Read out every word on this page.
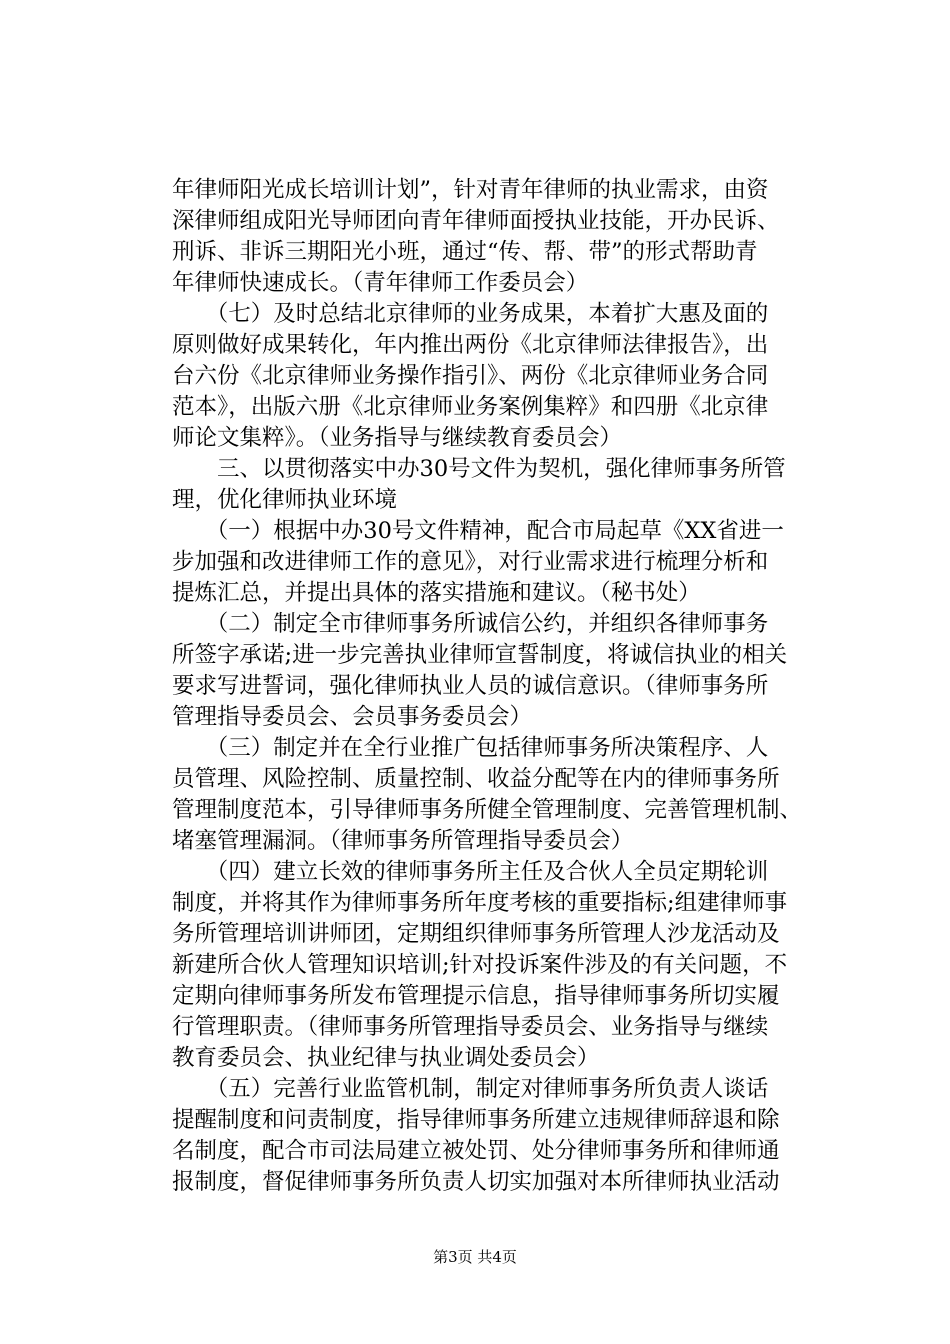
年律师阳光成长培训计划”，针对青年律师的执业需求，由资
深律师组成阳光导师团向青年律师面授执业技能，开办民诉、
刑诉、非诉三期阳光小班，通过“传、帮、带”的形式帮助青
年律师快速成长。（青年律师工作委员会）
　　（七）及时总结北京律师的业务成果，本着扩大惠及面的
原则做好成果转化，年内推出两份《北京律师法律报告》，出
台六份《北京律师业务操作指引》、两份《北京律师业务合同
范本》，出版六册《北京律师业务案例集粹》和四册《北京律
师论文集粹》。（业务指导与继续教育委员会）
　　三、以贯彻落实中办30号文件为契机，强化律师事务所管
理，优化律师执业环境
　　（一）根据中办30号文件精神，配合市局起草《XX省进一
步加强和改进律师工作的意见》，对行业需求进行梳理分析和
提炼汇总，并提出具体的落实措施和建议。（秘书处）
　　（二）制定全市律师事务所诚信公约，并组织各律师事务
所签字承诺;进一步完善执业律师宣誓制度，将诚信执业的相关
要求写进誓词，强化律师执业人员的诚信意识。（律师事务所
管理指导委员会、会员事务委员会）
　　（三）制定并在全行业推广包括律师事务所决策程序、人
员管理、风险控制、质量控制、收益分配等在内的律师事务所
管理制度范本，引导律师事务所健全管理制度、完善管理机制、
堵塞管理漏洞。（律师事务所管理指导委员会）
　　（四）建立长效的律师事务所主任及合伙人全员定期轮训
制度，并将其作为律师事务所年度考核的重要指标;组建律师事
务所管理培训讲师团，定期组织律师事务所管理人沙龙活动及
新建所合伙人管理知识培训;针对投诉案件涉及的有关问题，不
定期向律师事务所发布管理提示信息，指导律师事务所切实履
行管理职责。（律师事务所管理指导委员会、业务指导与继续
教育委员会、执业纪律与执业调处委员会）
　　（五）完善行业监管机制，制定对律师事务所负责人谈话
提醒制度和问责制度，指导律师事务所建立违规律师辞退和除
名制度，配合市司法局建立被处罚、处分律师事务所和律师通
报制度，督促律师事务所负责人切实加强对本所律师执业活动
第3页 共4页
